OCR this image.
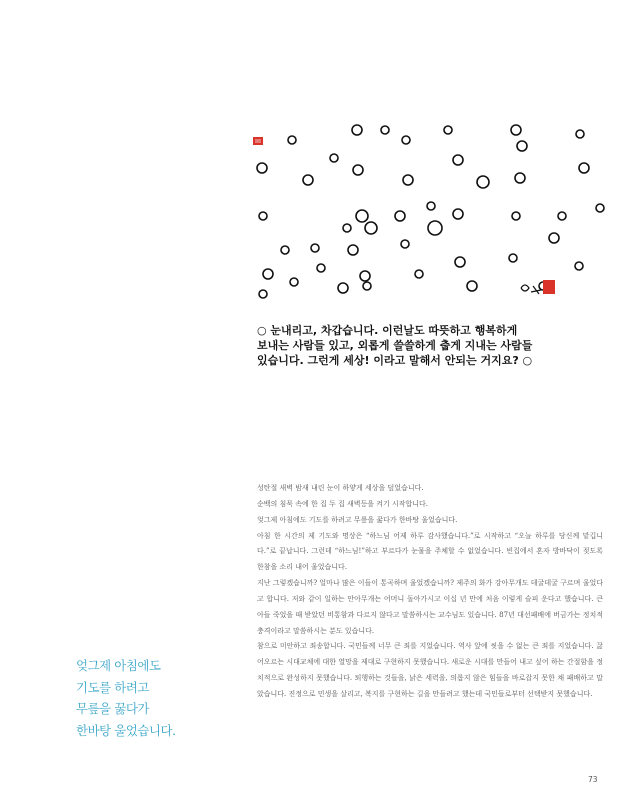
○ 눈내리고, 차갑습니다. 이런날도 따뜻하고 행복하게
보내는 사람들 있고, 외롭게 쓸쓸하게 춥게 지내는 사람들
있습니다. 그런게 세상! 이라고 말해서 안되는 거지요? ○
엊그제 아침에도
기도를 하려고
무릎을 꿇다가
한바탕 울었습니다.

성탄절 새벽 밤새 내린 눈이 하얗게 세상을 덮었습니다.

순백의 침묵 속에 한 집 두 집 새벽등을 켜기 시작합니다.

엊그제 아침에도 기도를 하려고 무릎을 꿇다가 한바탕 울었습니다.

아침 한 시간의 제 기도와 명상은 “하느님 어제 하루 감사했습니다.”로 시작하고 “오늘 하루를 당신께 맡깁니다.”로 끝납니다. 그런데 “하느님!”하고 부르다가 눈물을 주체할 수 없었습니다. 빈집에서 혼자 방바닥이 젖도록 한참을 소리 내어 울었습니다.

지난 그렇겠습니까? 얼마나 많은 이들이 통곡하며 울었겠습니까? 제주의 화가 강아무개도 데굴데굴 구르며 울었다고 합니다. 저와 같이 일하는 안아무개는 어머니 돌아가시고 이십 년 만에 처음 이렇게 슬피 운다고 했습니다. 큰 아들 죽었을 때 받았던 비통함과 다르지 않다고 말씀하시는 교수님도 있습니다. 87년 대선패배에 버금가는 정치적 충격이라고 말씀하시는 분도 있습니다.

참으로 미안하고 죄송합니다. 국민들께 너무 큰 죄를 지었습니다. 역사 앞에 씻을 수 없는 큰 죄를 지었습니다. 끓어오르는 시대교체에 대한 열망을 제대로 구현하지 못했습니다. 새로운 시대를 만들어 내고 싶어 하는 간절함을 정치적으로 완성하지 못했습니다. 퇴행하는 것들을, 낡은 세력을, 의롭지 않은 힘들을 바로잡지 못한 채 패배하고 말았습니다. 진정으로 민생을 살리고, 복지를 구현하는 길을 만들려고 했는데 국민들로부터 선택받지 못했습니다.

73
